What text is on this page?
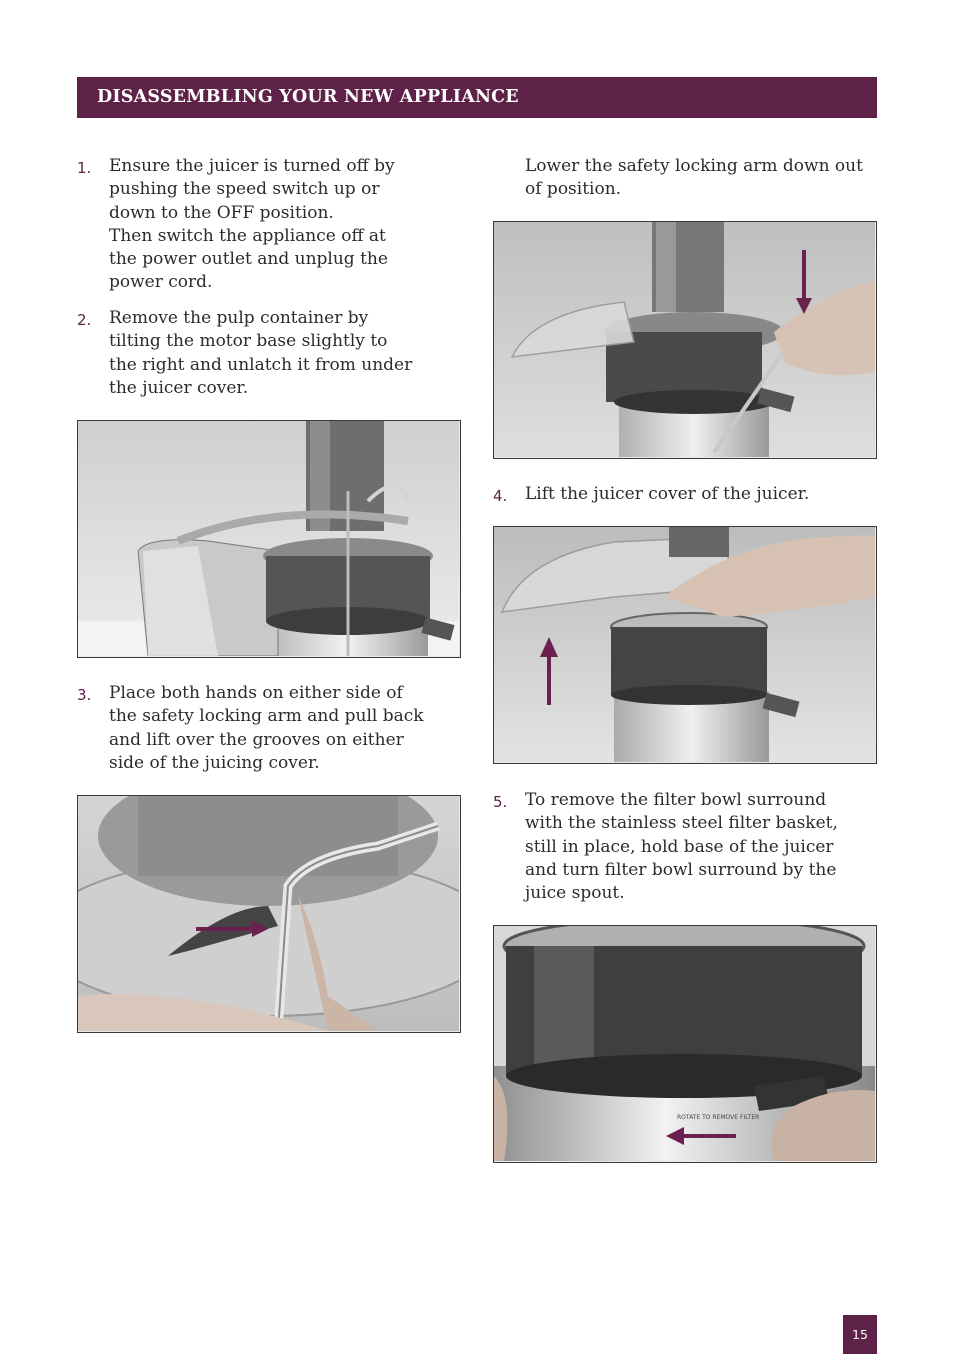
DISASSEMBLING YOUR NEW APPLIANCE
1. Ensure the juicer is turned off by
pushing the speed switch up or
down to the OFF position.
Then switch the appliance off at
the power outlet and unplug the
power cord.
2. Remove the pulp container by
tilting the motor base slightly to
the right and unlatch it from under
the juicer cover.
3. Place both hands on either side of
the safety locking arm and pull back
and lift over the grooves on either
side of the juicing cover.
Lower the safety locking arm down out
of position.
4. Lift the juicer cover of the juicer.
5. To remove the filter bowl surround
with the stainless steel filter basket,
still in place, hold base of the juicer
and turn filter bowl surround by the
juice spout.
ROTATE TO REMOVE FILTER
15
